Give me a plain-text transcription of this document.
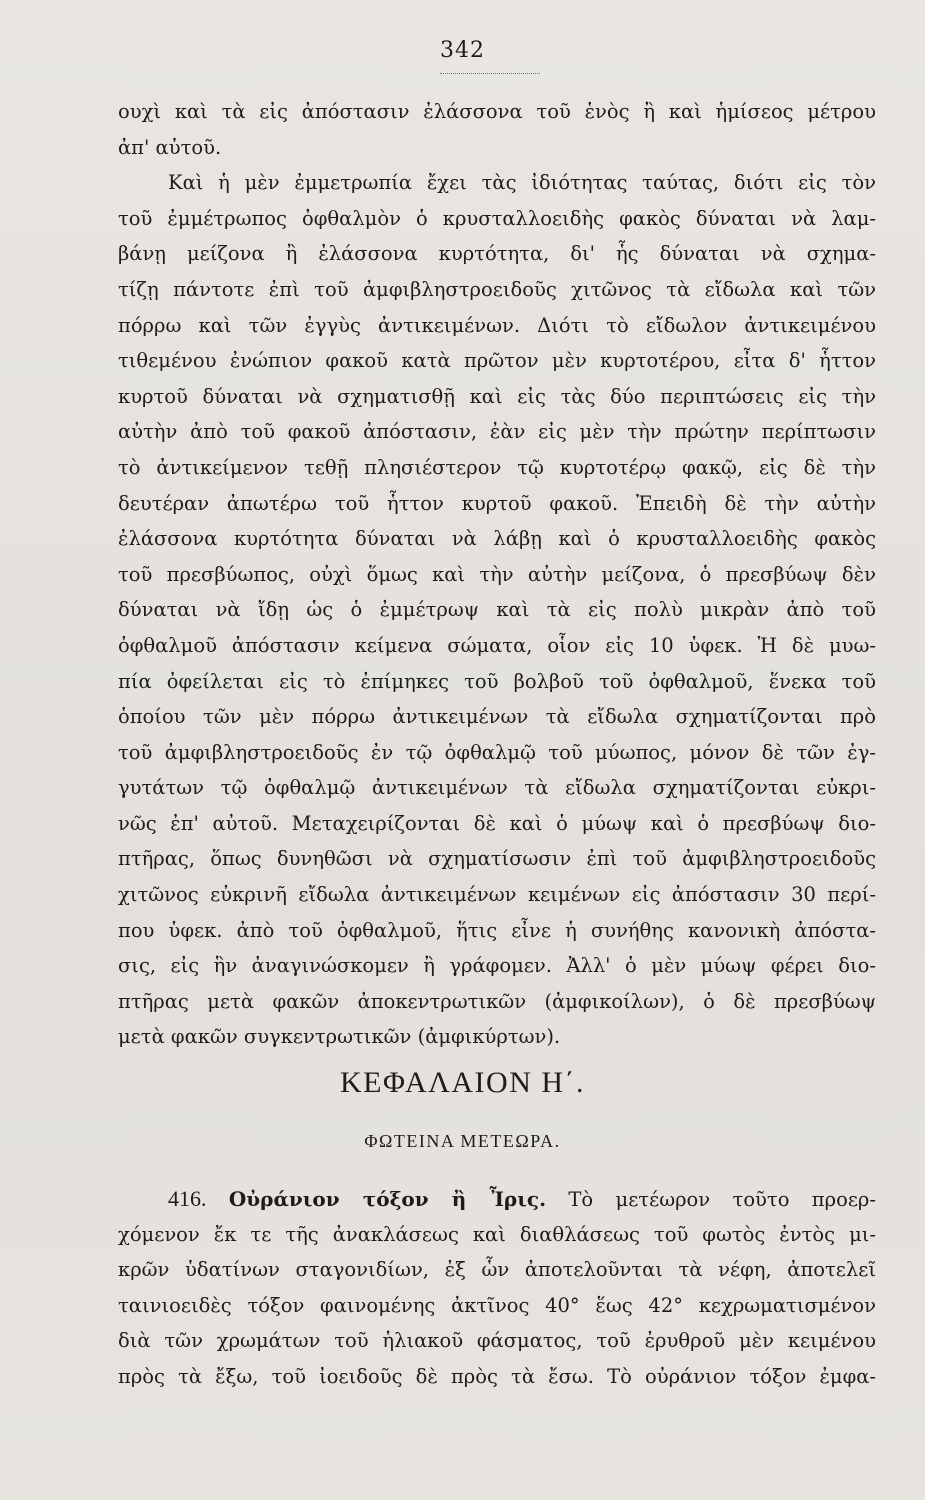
342
ουχὶ καὶ τὰ εἰς ἀπόστασιν ἐλάσσονα τοῦ ἑνὸς ἢ καὶ ἡμίσεος μέτρου
ἀπ' αὐτοῦ.
Καὶ ἡ μὲν ἐμμετρωπία ἔχει τὰς ἰδιότητας ταύτας, διότι εἰς τὸν
τοῦ ἐμμέτρωπος ὀφθαλμὸν ὁ κρυσταλλοειδὴς φακὸς δύναται νὰ λαμ-
βάνῃ μείζονα ἢ ἐλάσσονα κυρτότητα, δι' ἧς δύναται νὰ σχημα-
τίζῃ πάντοτε ἐπὶ τοῦ ἀμφιβληστροειδοῦς χιτῶνος τὰ εἴδωλα καὶ τῶν
πόρρω καὶ τῶν ἐγγὺς ἀντικειμένων. Διότι τὸ εἴδωλον ἀντικειμένου
τιθεμένου ἐνώπιον φακοῦ κατὰ πρῶτον μὲν κυρτοτέρου, εἶτα δ' ἧττον
κυρτοῦ δύναται νὰ σχηματισθῇ καὶ εἰς τὰς δύο περιπτώσεις εἰς τὴν
αὐτὴν ἀπὸ τοῦ φακοῦ ἀπόστασιν, ἐὰν εἰς μὲν τὴν πρώτην περίπτωσιν
τὸ ἀντικείμενον τεθῇ πλησιέστερον τῷ κυρτοτέρῳ φακῷ, εἰς δὲ τὴν
δευτέραν ἀπωτέρω τοῦ ἧττον κυρτοῦ φακοῦ. Ἐπειδὴ δὲ τὴν αὐτὴν
ἐλάσσονα κυρτότητα δύναται νὰ λάβῃ καὶ ὁ κρυσταλλοειδὴς φακὸς
τοῦ πρεσβύωπος, οὐχὶ ὅμως καὶ τὴν αὐτὴν μείζονα, ὁ πρεσβύωψ δὲν
δύναται νὰ ἴδῃ ὡς ὁ ἐμμέτρωψ καὶ τὰ εἰς πολὺ μικρὰν ἀπὸ τοῦ
ὀφθαλμοῦ ἀπόστασιν κείμενα σώματα, οἷον εἰς 10 ὑφεκ. Ἡ δὲ μυω-
πία ὀφείλεται εἰς τὸ ἐπίμηκες τοῦ βολβοῦ τοῦ ὀφθαλμοῦ, ἕνεκα τοῦ
ὁποίου τῶν μὲν πόρρω ἀντικειμένων τὰ εἴδωλα σχηματίζονται πρὸ
τοῦ ἀμφιβληστροειδοῦς ἐν τῷ ὀφθαλμῷ τοῦ μύωπος, μόνον δὲ τῶν ἐγ-
γυτάτων τῷ ὀφθαλμῷ ἀντικειμένων τὰ εἴδωλα σχηματίζονται εὐκρι-
νῶς ἐπ' αὐτοῦ. Μεταχειρίζονται δὲ καὶ ὁ μύωψ καὶ ὁ πρεσβύωψ διο-
πτῆρας, ὅπως δυνηθῶσι νὰ σχηματίσωσιν ἐπὶ τοῦ ἀμφιβληστροειδοῦς
χιτῶνος εὐκρινῆ εἴδωλα ἀντικειμένων κειμένων εἰς ἀπόστασιν 30 περί-
που ὑφεκ. ἀπὸ τοῦ ὀφθαλμοῦ, ἥτις εἶνε ἡ συνήθης κανονικὴ ἀπόστα-
σις, εἰς ἣν ἀναγινώσκομεν ἢ γράφομεν. Ἀλλ' ὁ μὲν μύωψ φέρει διο-
πτῆρας μετὰ φακῶν ἀποκεντρωτικῶν (ἀμφικοίλων), ὁ δὲ πρεσβύωψ
μετὰ φακῶν συγκεντρωτικῶν (ἀμφικύρτων).
ΚΕΦΑΛΑΙΟΝ Η΄.
ΦΩΤΕΙΝΑ ΜΕΤΕΩΡΑ.
416. Οὐράνιον τόξον ἢ Ἶρις. Τὸ μετέωρον τοῦτο προερ-
χόμενον ἔκ τε τῆς ἀνακλάσεως καὶ διαθλάσεως τοῦ φωτὸς ἐντὸς μι-
κρῶν ὑδατίνων σταγονιδίων, ἐξ ὧν ἀποτελοῦνται τὰ νέφη, ἀποτελεῖ
ταινιοειδὲς τόξον φαινομένης ἀκτῖνος 40° ἕως 42° κεχρωματισμένον
διὰ τῶν χρωμάτων τοῦ ἡλιακοῦ φάσματος, τοῦ ἐρυθροῦ μὲν κειμένου
πρὸς τὰ ἔξω, τοῦ ἰοειδοῦς δὲ πρὸς τὰ ἔσω. Τὸ οὐράνιον τόξον ἐμφα-
